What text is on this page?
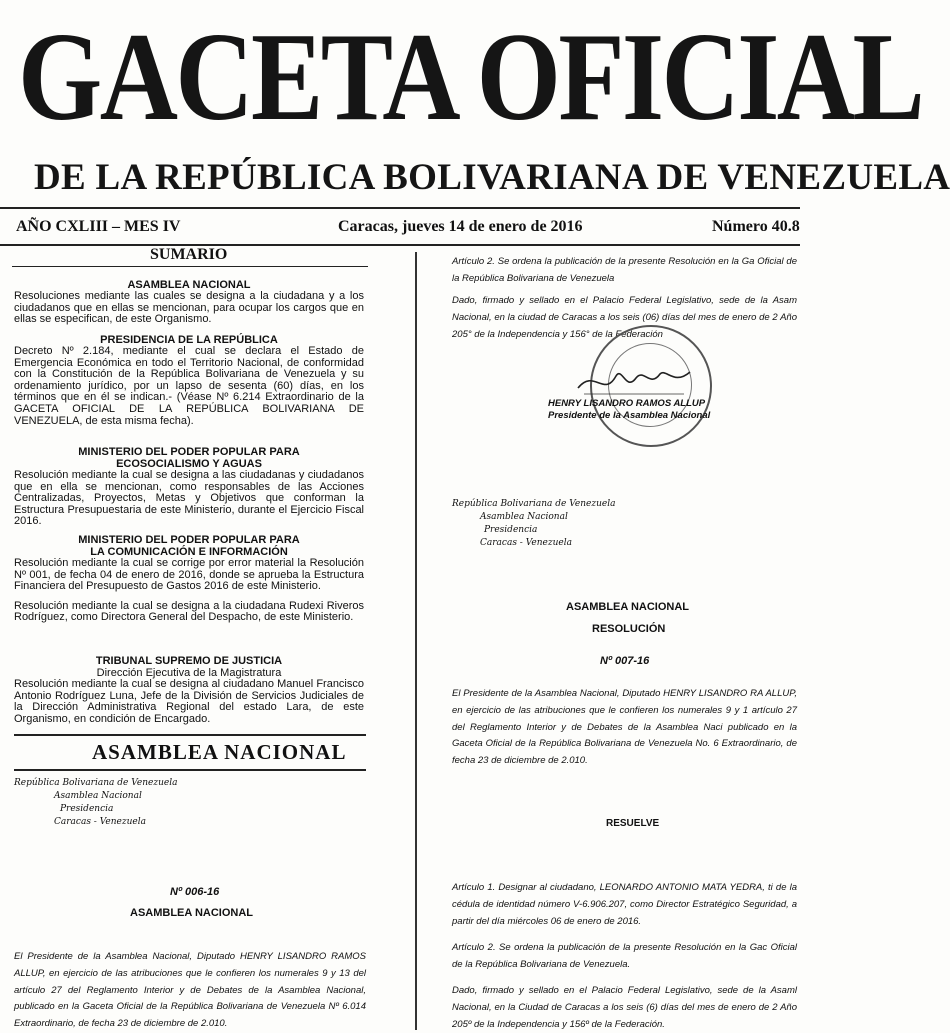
GACETA OFICIAL
DE LA REPÚBLICA BOLIVARIANA DE VENEZUELA
AÑO CXLIII – MES IV	Caracas, jueves 14 de enero de 2016	Número 40.8
SUMARIO
ASAMBLEA NACIONAL
Resoluciones mediante las cuales se designa a la ciudadana y a los ciudadanos que en ellas se mencionan, para ocupar los cargos que en ellas se especifican, de este Organismo.
PRESIDENCIA DE LA REPÚBLICA
Decreto Nº 2.184, mediante el cual se declara el Estado de Emergencia Económica en todo el Territorio Nacional, de conformidad con la Constitución de la República Bolivariana de Venezuela y su ordenamiento jurídico, por un lapso de sesenta (60) días, en los términos que en él se indican.- (Véase Nº 6.214 Extraordinario de la GACETA OFICIAL DE LA REPÚBLICA BOLIVARIANA DE VENEZUELA, de esta misma fecha).
MINISTERIO DEL PODER POPULAR PARA ECOSOCIALISMO Y AGUAS
Resolución mediante la cual se designa a las ciudadanas y ciudadanos que en ella se mencionan, como responsables de las Acciones Centralizadas, Proyectos, Metas y Objetivos que conforman la Estructura Presupuestaria de este Ministerio, durante el Ejercicio Fiscal 2016.
MINISTERIO DEL PODER POPULAR PARA LA COMUNICACIÓN E INFORMACIÓN
Resolución mediante la cual se corrige por error material la Resolución Nº 001, de fecha 04 de enero de 2016, donde se aprueba la Estructura Financiera del Presupuesto de Gastos 2016 de este Ministerio.
Resolución mediante la cual se designa a la ciudadana Rudexi Riveros Rodríguez, como Directora General del Despacho, de este Ministerio.
TRIBUNAL SUPREMO DE JUSTICIA
Dirección Ejecutiva de la Magistratura
Resolución mediante la cual se designa al ciudadano Manuel Francisco Antonio Rodríguez Luna, Jefe de la División de Servicios Judiciales de la Dirección Administrativa Regional del estado Lara, de este Organismo, en condición de Encargado.
ASAMBLEA NACIONAL
República Bolivariana de Venezuela
Asamblea Nacional
Presidencia
Caracas - Venezuela
Nº 006-16
ASAMBLEA NACIONAL
El Presidente de la Asamblea Nacional, Diputado HENRY LISANDRO RAMOS ALLUP, en ejercicio de las atribuciones que le confieren los numerales 9 y 13 del artículo 27 del Reglamento Interior y de Debates de la Asamblea Nacional, publicado en la Gaceta Oficial de la República Bolivariana de Venezuela Nº 6.014 Extraordinario, de fecha 23 de diciembre de 2.010.
Artículo 2. Se ordena la publicación de la presente Resolución en la Ga Oficial de la República Bolivariana de Venezuela
Dado, firmado y sellado en el Palacio Federal Legislativo, sede de la Asam Nacional, en la ciudad de Caracas a los seis (06) días del mes de enero de 2 Año 205° de la Independencia y 156° de la Federación
HENRY LISANDRO RAMOS ALLUP
Presidente de la Asamblea Nacional
República Bolivariana de Venezuela
Asamblea Nacional
Presidencia
Caracas - Venezuela
ASAMBLEA NACIONAL
RESOLUCIÓN
Nº 007-16
El Presidente de la Asamblea Nacional, Diputado HENRY LISANDRO RA ALLUP, en ejercicio de las atribuciones que le confieren los numerales 9 y 1 artículo 27 del Reglamento Interior y de Debates de la Asamblea Naci publicado en la Gaceta Oficial de la República Bolivariana de Venezuela No. 6 Extraordinario, de fecha 23 de diciembre de 2.010.
RESUELVE
Artículo 1. Designar al ciudadano, LEONARDO ANTONIO MATA YEDRA, ti de la cédula de identidad número V-6.906.207, como Director Estratégico Seguridad, a partir del día miércoles 06 de enero de 2016.
Artículo 2. Se ordena la publicación de la presente Resolución en la Gac Oficial de la República Bolivariana de Venezuela.
Dado, firmado y sellado en el Palacio Federal Legislativo, sede de la Asaml Nacional, en la Ciudad de Caracas a los seis (6) días del mes de enero de 2 Año 205º de la Independencia y 156º de la Federación.
